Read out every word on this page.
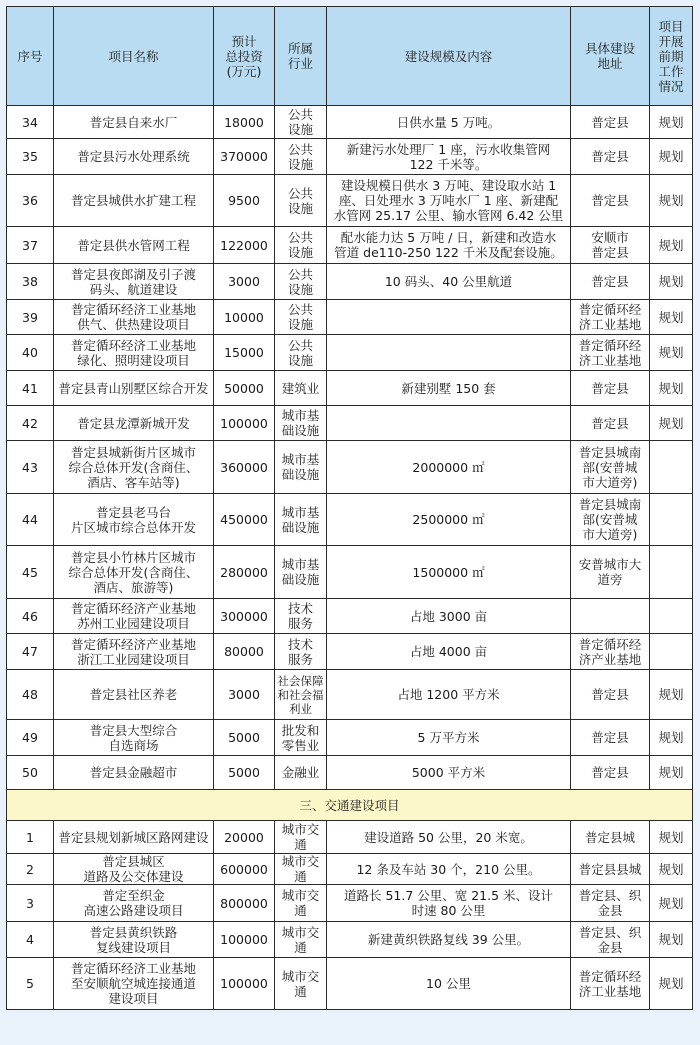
序号	项目名称	预计
总投资
(万元)	所属
行业	建设规模及内容	具体建设
地址	项目
开展
前期
工作
情况
34	普定县自来水厂	18000	公共
设施	日供水量 5 万吨。	普定县	规划
35	普定县污水处理系统	370000	公共
设施	新建污水处理厂 1 座，污水收集管网
122 千米等。	普定县	规划
36	普定县城供水扩建工程	9500	公共
设施	建设规模日供水 3 万吨、建设取水站 1
座、日处理水 3 万吨水厂 1 座、新建配
水管网 25.17 公里、输水管网 6.42 公里	普定县	规划
37	普定县供水管网工程	122000	公共
设施	配水能力达 5 万吨 / 日，新建和改造水
管道 de110-250 122 千米及配套设施。	安顺市
普定县	规划
38	普定县夜郎湖及引子渡
码头、航道建设	3000	公共
设施	10 码头、40 公里航道	普定县	规划
39	普定循环经济工业基地
供气、供热建设项目	10000	公共
设施		普定循环经
济工业基地	规划
40	普定循环经济工业基地
绿化、照明建设项目	15000	公共
设施		普定循环经
济工业基地	规划
41	普定县青山别墅区综合开发	50000	建筑业	新建别墅 150 套	普定县	规划
42	普定县龙潭新城开发	100000	城市基
础设施		普定县	规划
43	普定县城新街片区城市
综合总体开发(含商住、
酒店、客车站等)	360000	城市基
础设施	2000000 ㎡	普定县城南
部(安普城
市大道旁)	
44	普定县老马台
片区城市综合总体开发	450000	城市基
础设施	2500000 ㎡	普定县城南
部(安普城
市大道旁)	
45	普定县小竹林片区城市
综合总体开发(含商住、
酒店、旅游等)	280000	城市基
础设施	1500000 ㎡	安普城市大
道旁	
46	普定循环经济产业基地
苏州工业园建设项目	300000	技术
服务	占地 3000 亩		
47	普定循环经济产业基地
浙江工业园建设项目	80000	技术
服务	占地 4000 亩	普定循环经
济产业基地	
48	普定县社区养老	3000	社会保障
和社会福
利业	占地 1200 平方米	普定县	规划
49	普定县大型综合
自选商场	5000	批发和
零售业	5 万平方米	普定县	规划
50	普定县金融超市	5000	金融业	5000 平方米	普定县	规划
三、交通建设项目						
1	普定县规划新城区路网建设	20000	城市交通	建设道路 50 公里，20 米宽。	普定县城	规划
2	普定县城区
道路及公交体建设	600000	城市交通	12 条及车站 30 个，210 公里。	普定县县城	规划
3	普定至织金
高速公路建设项目	800000	城市交通	道路长 51.7 公里、宽 21.5 米、设计
时速 80 公里	普定县、织
金县	规划
4	普定县黄织铁路
复线建设项目	100000	城市交通	新建黄织铁路复线 39 公里。	普定县、织
金县	规划
5	普定循环经济工业基地
至安顺航空城连接通道
建设项目	100000	城市交通	10 公里	普定循环经
济工业基地	规划
